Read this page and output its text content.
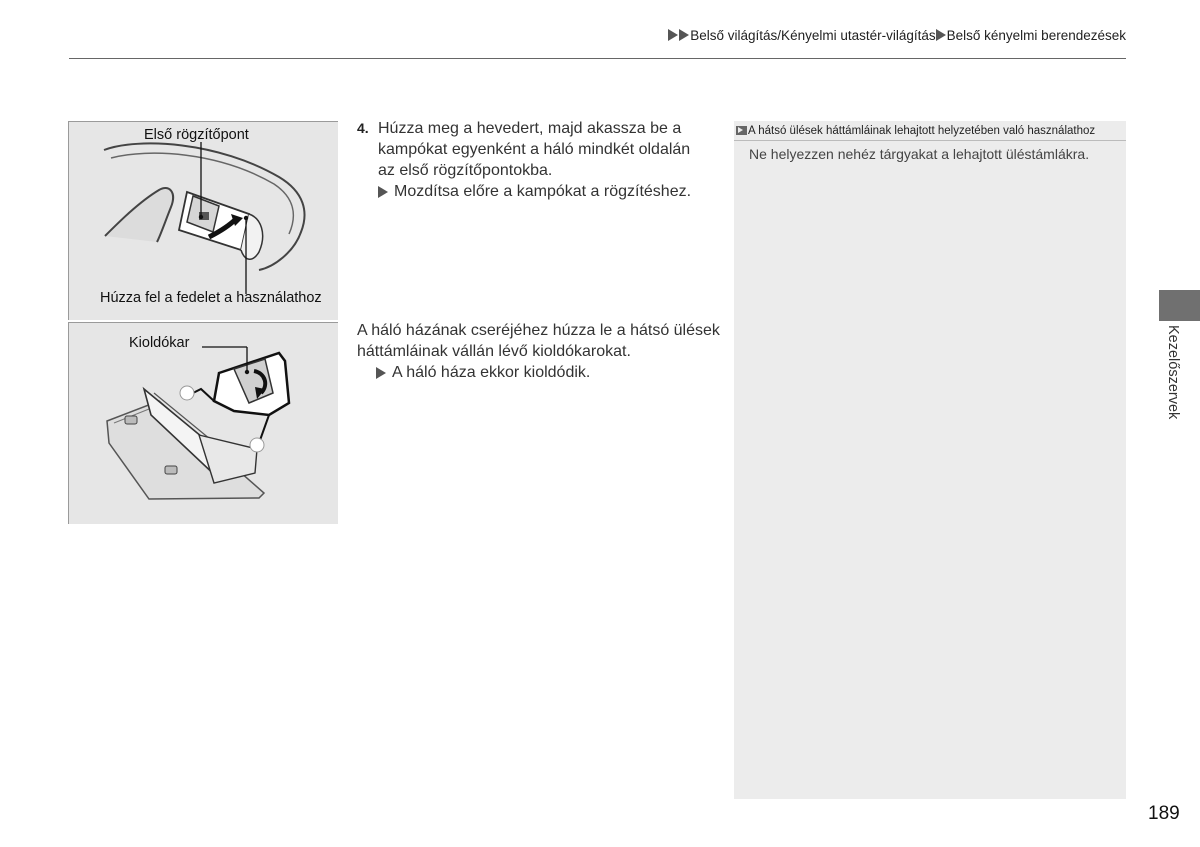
Belső világítás/Kényelmi utastér-világítás Belső kényelmi berendezések
Első rögzítőpont
Húzza fel a fedelet a használathoz
Kioldókar
4. Húzza meg a hevedert, majd akassza be a
kampókat egyenként a háló mindkét oldalán
az első rögzítőpontokba.
Mozdítsa előre a kampókat a rögzítéshez.
A háló házának cseréjéhez húzza le a hátsó ülések
háttámláinak vállán lévő kioldókarokat.
A háló háza ekkor kioldódik.
A hátsó ülések háttámláinak lehajtott helyzetében való használathoz
Ne helyezzen nehéz tárgyakat a lehajtott üléstámlákra.
Kezelőszervek
189
